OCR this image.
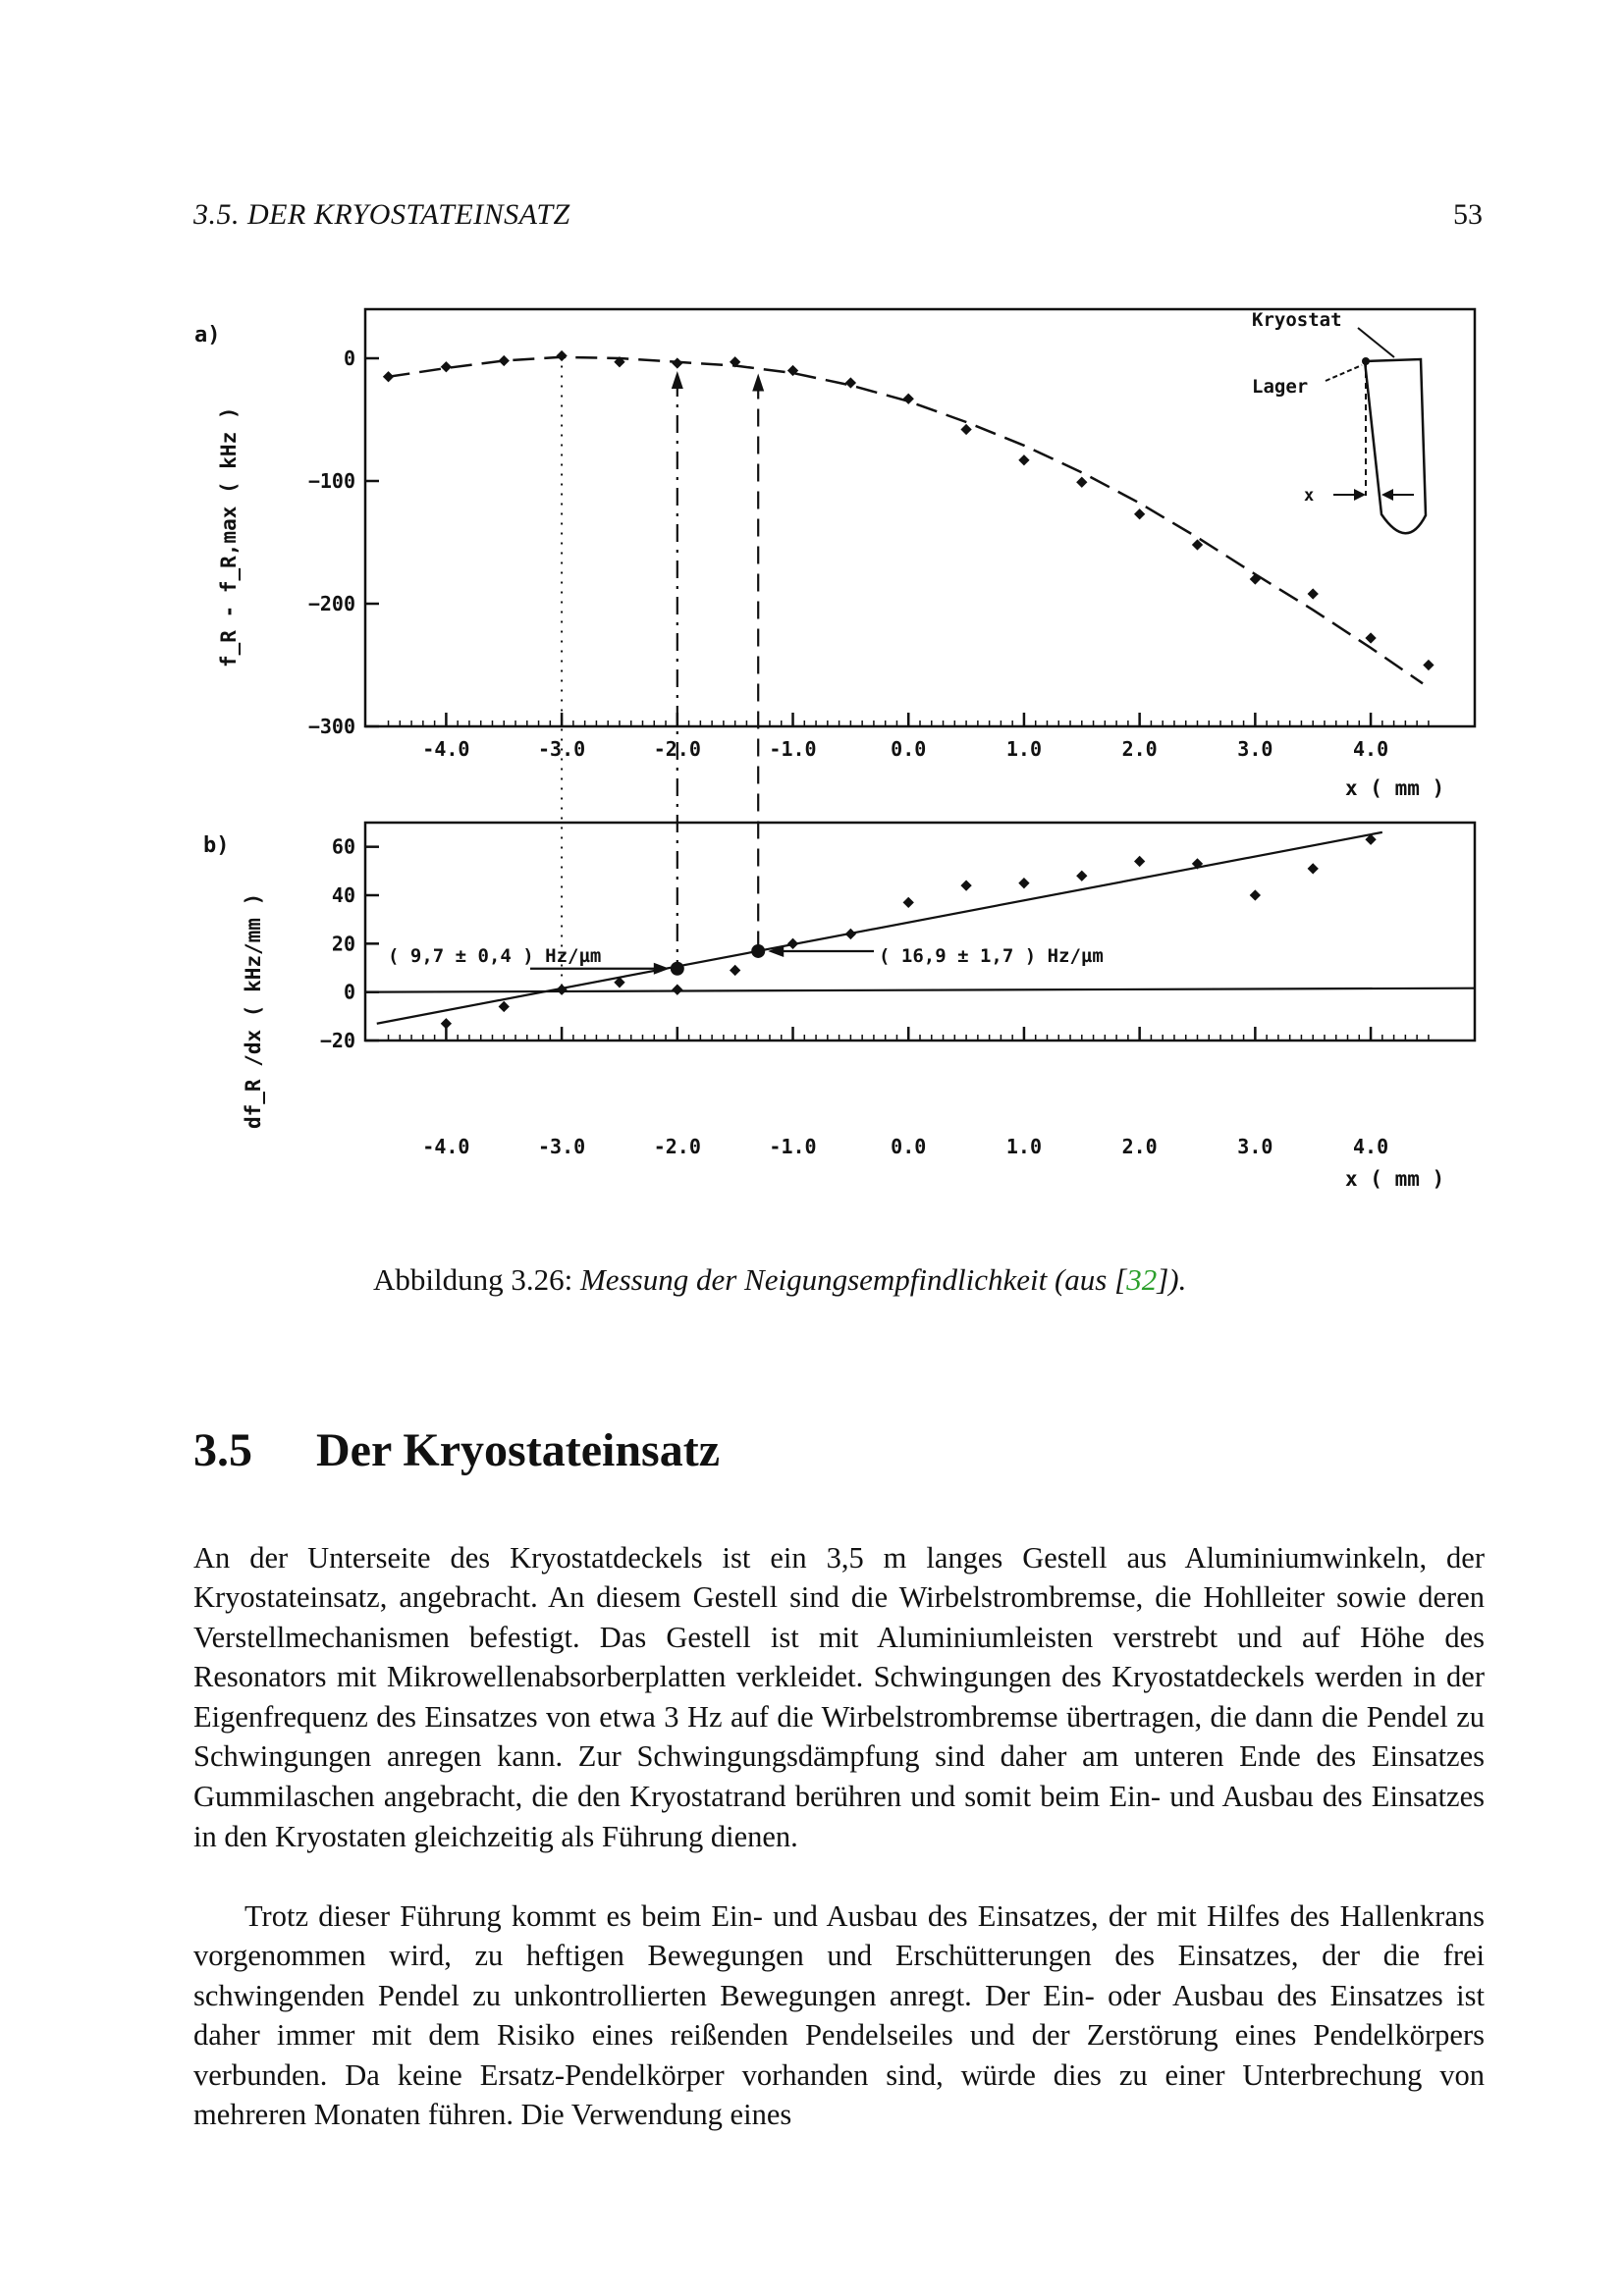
3.5. DER KRYOSTATEINSATZ	53
a)
b)
f_R - f_R,max ( kHz )
df_R /dx ( kHz/mm )
x ( mm )
x ( mm )
Kryostat
Lager
x
( 9,7 ± 0,4 ) Hz/µm	( 16,9 ± 1,7 ) Hz/µm
-4.0	-3.0	-2.0	-1.0	0.0	1.0	2.0	3.0	4.0
0
−100
−200
−300
-4.0	-3.0	-2.0	-1.0	0.0	1.0	2.0	3.0	4.0
60
40
20
0
−20
Abbildung 3.26: Messung der Neigungsempfindlichkeit (aus [32]).
3.5 Der Kryostateinsatz

An der Unterseite des Kryostatdeckels ist ein 3,5 m langes Gestell aus Aluminiumwinkeln, der Kryostateinsatz, angebracht. An diesem Gestell sind die Wirbelstrombremse, die Hohlleiter sowie deren Verstellmechanismen befestigt. Das Gestell ist mit Aluminiumleisten verstrebt und auf Höhe des Resonators mit Mikrowellenabsorberplatten verkleidet. Schwingungen des Kryostatdeckels werden in der Eigenfrequenz des Einsatzes von etwa 3 Hz auf die Wirbelstrombremse übertragen, die dann die Pendel zu Schwingungen anregen kann. Zur Schwingungsdämpfung sind daher am unteren Ende des Einsatzes Gummilaschen angebracht, die den Kryostatrand berühren und somit beim Ein- und Ausbau des Einsatzes in den Kryostaten gleichzeitig als Führung dienen.

Trotz dieser Führung kommt es beim Ein- und Ausbau des Einsatzes, der mit Hilfes des Hallenkrans vorgenommen wird, zu heftigen Bewegungen und Erschütterungen des Einsatzes, der die frei schwingenden Pendel zu unkontrollierten Bewegungen anregt. Der Ein- oder Ausbau des Einsatzes ist daher immer mit dem Risiko eines reißenden Pendelseiles und der Zerstörung eines Pendelkörpers verbunden. Da keine Ersatz-Pendelkörper vorhanden sind, würde dies zu einer Unterbrechung von mehreren Monaten führen. Die Verwendung eines
